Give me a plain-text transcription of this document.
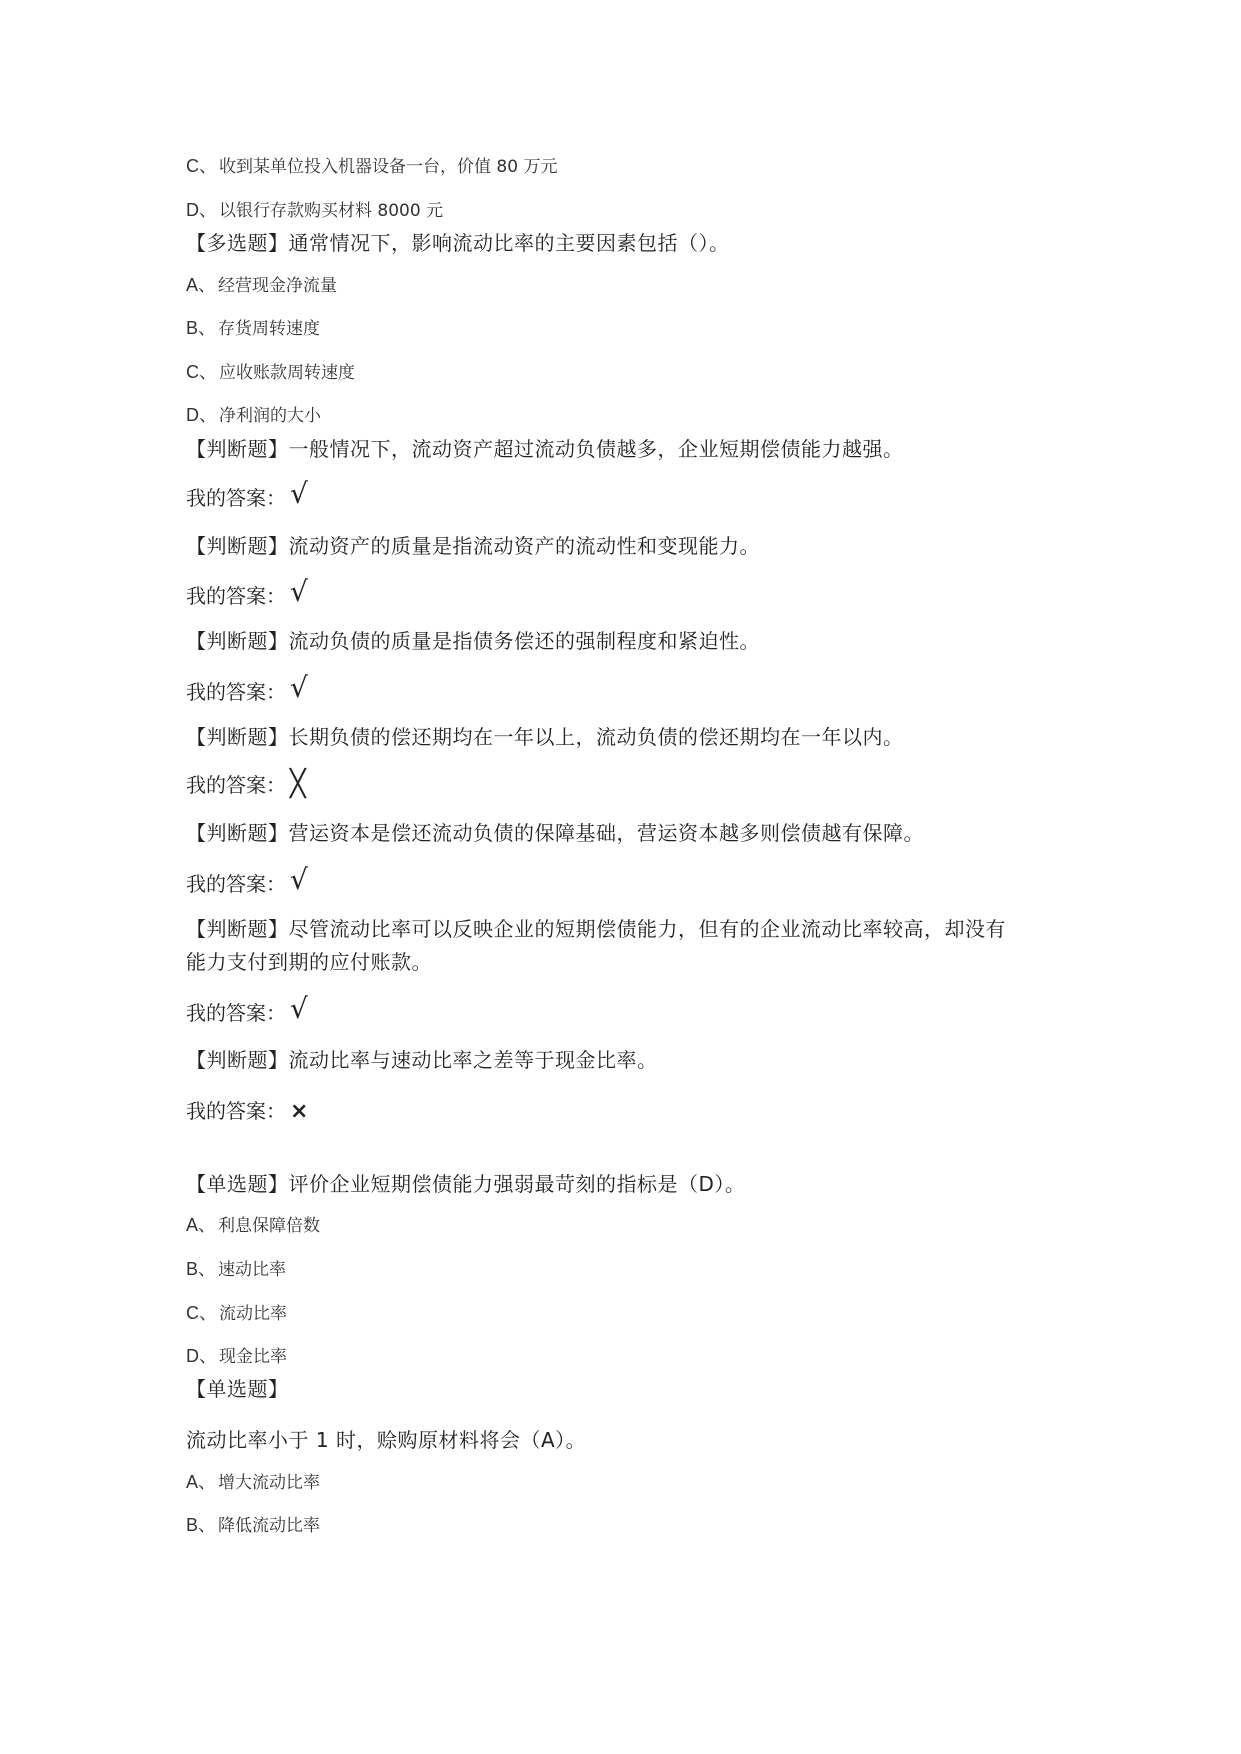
C、 收到某单位投入机器设备一台，价值 80 万元
D、 以银行存款购买材料 8000 元
【多选题】通常情况下，影响流动比率的主要因素包括（）。
A、 经营现金净流量
B、 存货周转速度
C、 应收账款周转速度
D、 净利润的大小
【判断题】一般情况下，流动资产超过流动负债越多，企业短期偿债能力越强。
我的答案： √
【判断题】流动资产的质量是指流动资产的流动性和变现能力。
我的答案： √
【判断题】流动负债的质量是指债务偿还的强制程度和紧迫性。
我的答案： √
【判断题】长期负债的偿还期均在一年以上，流动负债的偿还期均在一年以内。
我的答案： ╳
【判断题】营运资本是偿还流动负债的保障基础，营运资本越多则偿债越有保障。
我的答案： √
【判断题】尽管流动比率可以反映企业的短期偿债能力，但有的企业流动比率较高，却没有
能力支付到期的应付账款。
我的答案： √
【判断题】流动比率与速动比率之差等于现金比率。
我的答案： ×
【单选题】评价企业短期偿债能力强弱最苛刻的指标是（D）。
A、 利息保障倍数
B、 速动比率
C、 流动比率
D、 现金比率
【单选题】
流动比率小于 1 时，赊购原材料将会（A）。
A、 增大流动比率
B、 降低流动比率
